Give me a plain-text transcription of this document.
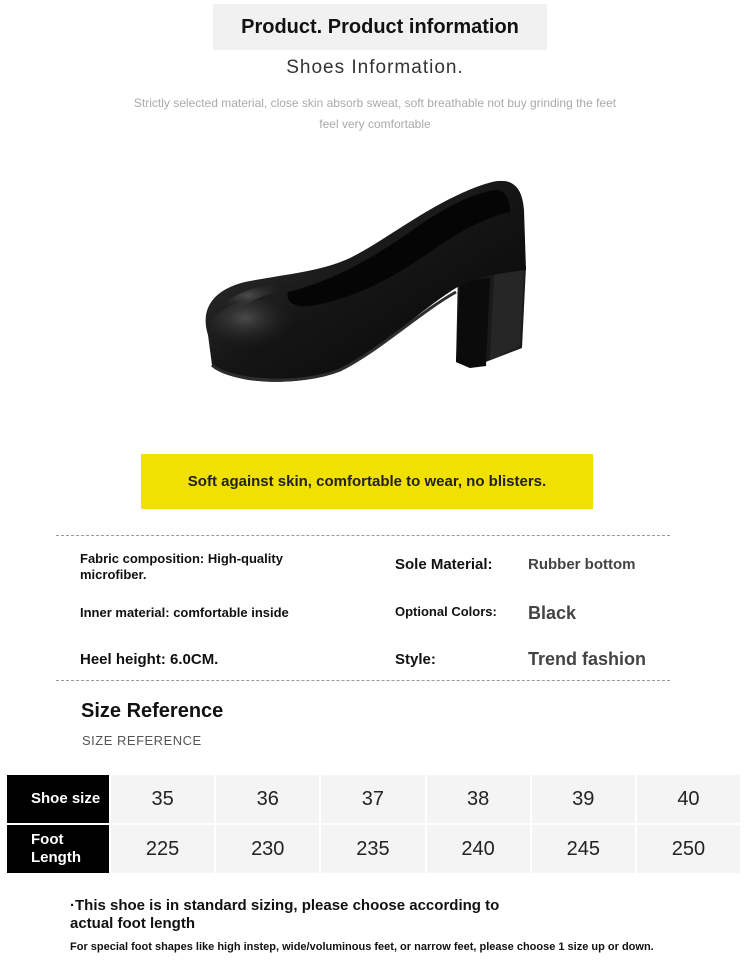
Product. Product information
Shoes Information.
Strictly selected material, close skin absorb sweat, soft breathable not buy grinding the feet feel very comfortable
Soft against skin, comfortable to wear, no blisters.
Fabric composition: High-quality microfiber.
Inner material: comfortable inside
Heel height: 6.0CM.
Sole Material: Rubber bottom
Optional Colors: Black
Style:	Trend fashion
Size Reference
SIZE REFERENCE
Shoe size	35	36	37	38	39	40
Foot Length	225	230	235	240	245	250
·This shoe is in standard sizing, please choose according to actual foot length
For special foot shapes like high instep, wide/voluminous feet, or narrow feet, please choose 1 size up or down.
